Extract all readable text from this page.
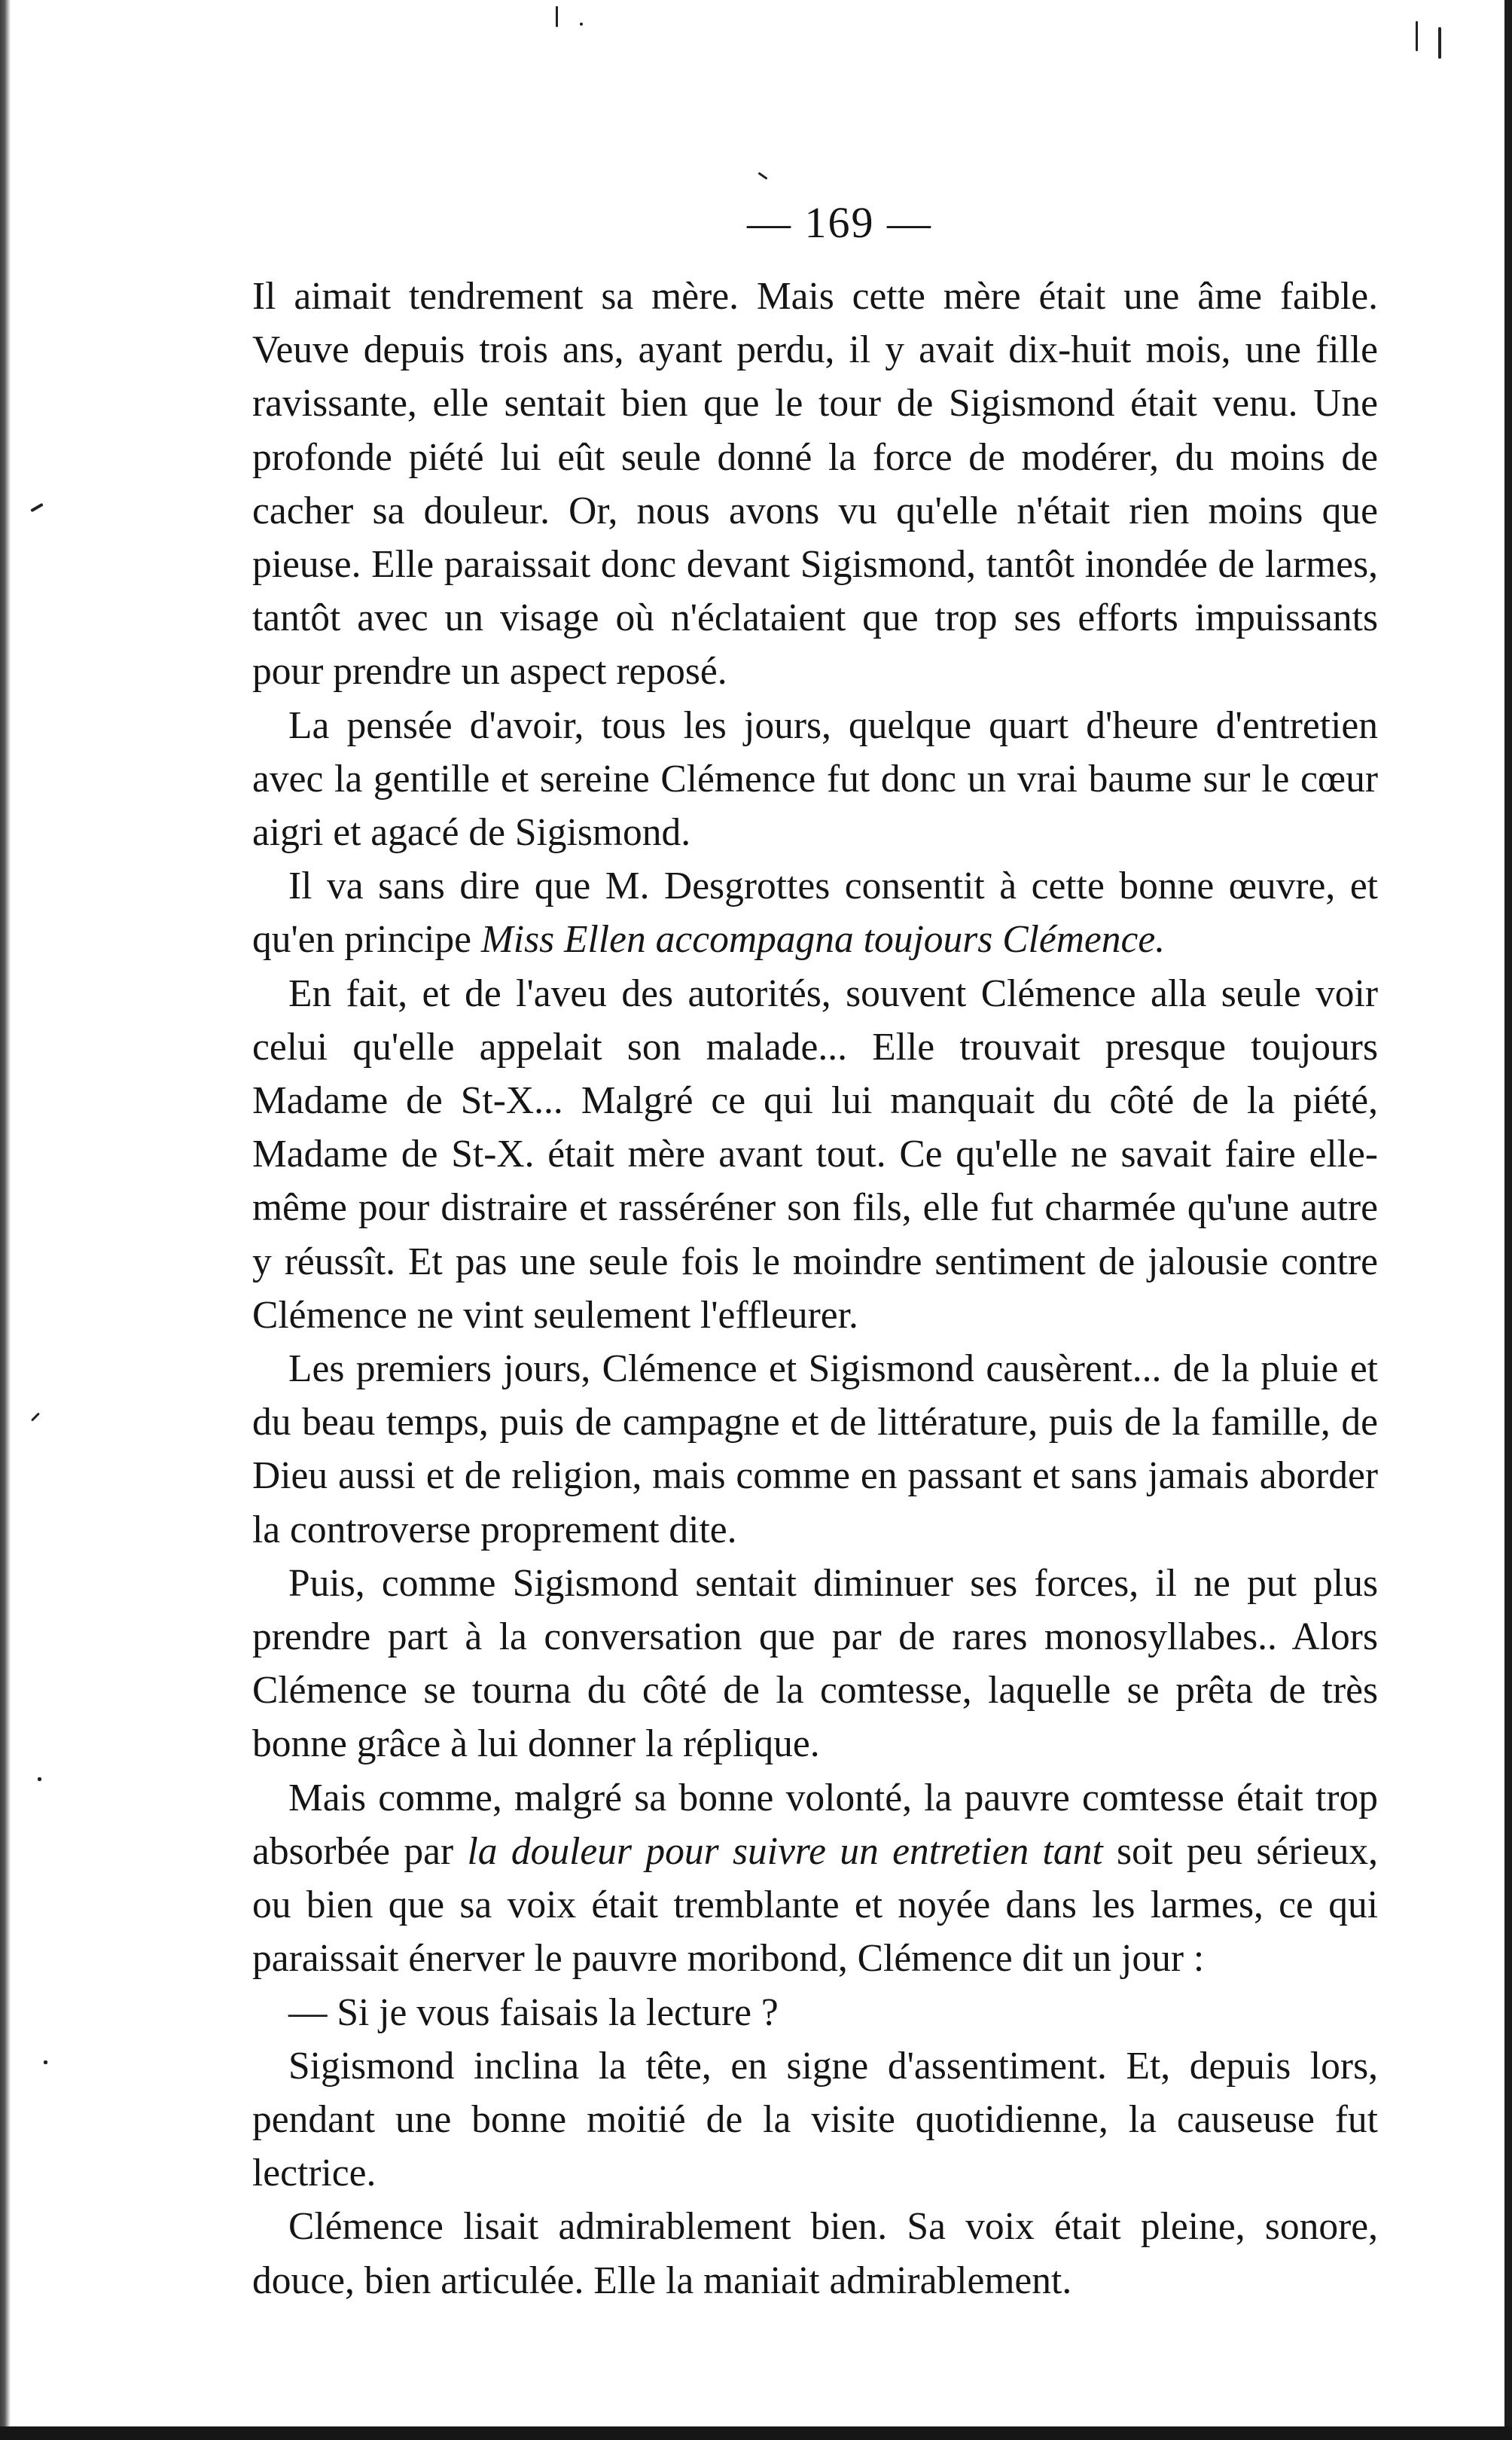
— 169 —

Il aimait tendrement sa mère. Mais cette mère était une âme faible. Veuve depuis trois ans, ayant perdu, il y avait dix-huit mois, une fille ravissante, elle sentait bien que le tour de Sigismond était venu. Une profonde piété lui eût seule donné la force de modérer, du moins de cacher sa douleur. Or, nous avons vu qu'elle n'était rien moins que pieuse. Elle paraissait donc devant Sigismond, tantôt inondée de larmes, tantôt avec un visage où n'éclataient que trop ses efforts impuissants pour prendre un aspect reposé.

La pensée d'avoir, tous les jours, quelque quart d'heure d'entretien avec la gentille et sereine Clémence fut donc un vrai baume sur le cœur aigri et agacé de Sigismond.

Il va sans dire que M. Desgrottes consentit à cette bonne œuvre, et qu'en principe Miss Ellen accompagna toujours Clémence.

En fait, et de l'aveu des autorités, souvent Clémence alla seule voir celui qu'elle appelait son malade... Elle trouvait presque toujours Madame de St-X... Malgré ce qui lui manquait du côté de la piété, Madame de St-X. était mère avant tout. Ce qu'elle ne savait faire elle-même pour distraire et rasséréner son fils, elle fut charmée qu'une autre y réussît. Et pas une seule fois le moindre sentiment de jalousie contre Clémence ne vint seulement l'effleurer.

Les premiers jours, Clémence et Sigismond causèrent... de la pluie et du beau temps, puis de campagne et de littérature, puis de la famille, de Dieu aussi et de religion, mais comme en passant et sans jamais aborder la controverse proprement dite.

Puis, comme Sigismond sentait diminuer ses forces, il ne put plus prendre part à la conversation que par de rares monosyllabes.. Alors Clémence se tourna du côté de la comtesse, laquelle se prêta de très bonne grâce à lui donner la réplique.

Mais comme, malgré sa bonne volonté, la pauvre comtesse était trop absorbée par la douleur pour suivre un entretien tant soit peu sérieux, ou bien que sa voix était tremblante et noyée dans les larmes, ce qui paraissait énerver le pauvre moribond, Clémence dit un jour :

— Si je vous faisais la lecture ?

Sigismond inclina la tête, en signe d'assentiment. Et, depuis lors, pendant une bonne moitié de la visite quotidienne, la causeuse fut lectrice.

Clémence lisait admirablement bien. Sa voix était pleine, sonore, douce, bien articulée. Elle la maniait admirablement.
